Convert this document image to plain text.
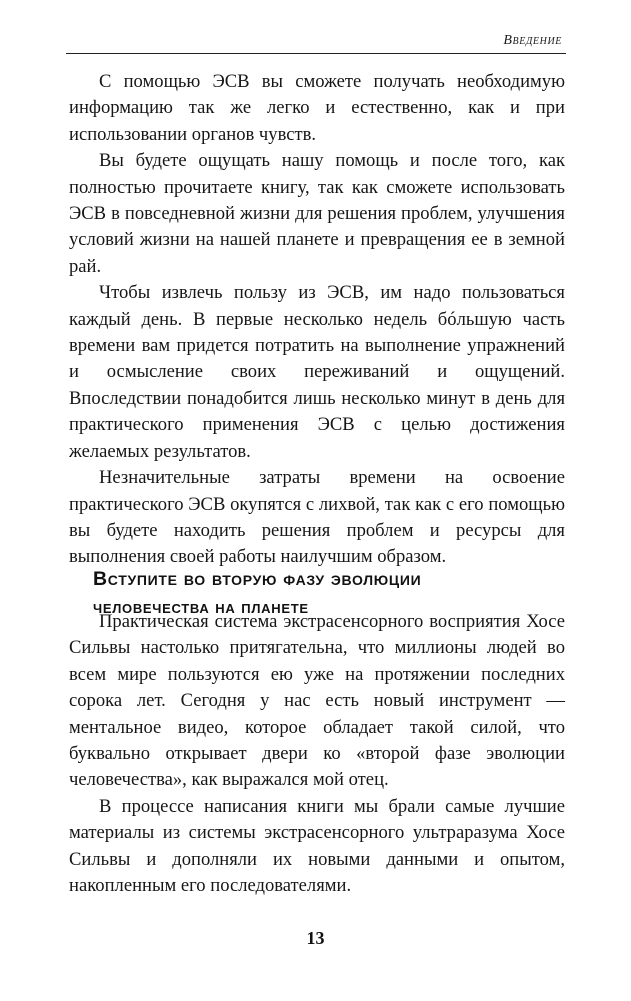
Введение

С помощью ЭСВ вы сможете получать необходимую информацию так же легко и естественно, как и при использовании органов чувств.

Вы будете ощущать нашу помощь и после того, как полностью прочитаете книгу, так как сможете использовать ЭСВ в повседневной жизни для решения проблем, улучшения условий жизни на нашей планете и превращения ее в земной рай.

Чтобы извлечь пользу из ЭСВ, им надо пользоваться каждый день. В первые несколько недель бóльшую часть времени вам придется потратить на выполнение упражнений и осмысление своих переживаний и ощущений. Впоследствии понадобится лишь несколько минут в день для практического применения ЭСВ с целью достижения желаемых результатов.

Незначительные затраты времени на освоение практического ЭСВ окупятся с лихвой, так как с его помощью вы будете находить решения проблем и ресурсы для выполнения своей работы наилучшим образом.

Вступите во вторую фазу эволюции
человечества на планете

Практическая система экстрасенсорного восприятия Хосе Сильвы настолько притягательна, что миллионы людей во всем мире пользуются ею уже на протяжении последних сорока лет. Сегодня у нас есть новый инструмент — ментальное видео, которое обладает такой силой, что буквально открывает двери ко «второй фазе эволюции человечества», как выражался мой отец.

В процессе написания книги мы брали самые лучшие материалы из системы экстрасенсорного ультраразума Хосе Сильвы и дополняли их новыми данными и опытом, накопленным его последователями.

13
